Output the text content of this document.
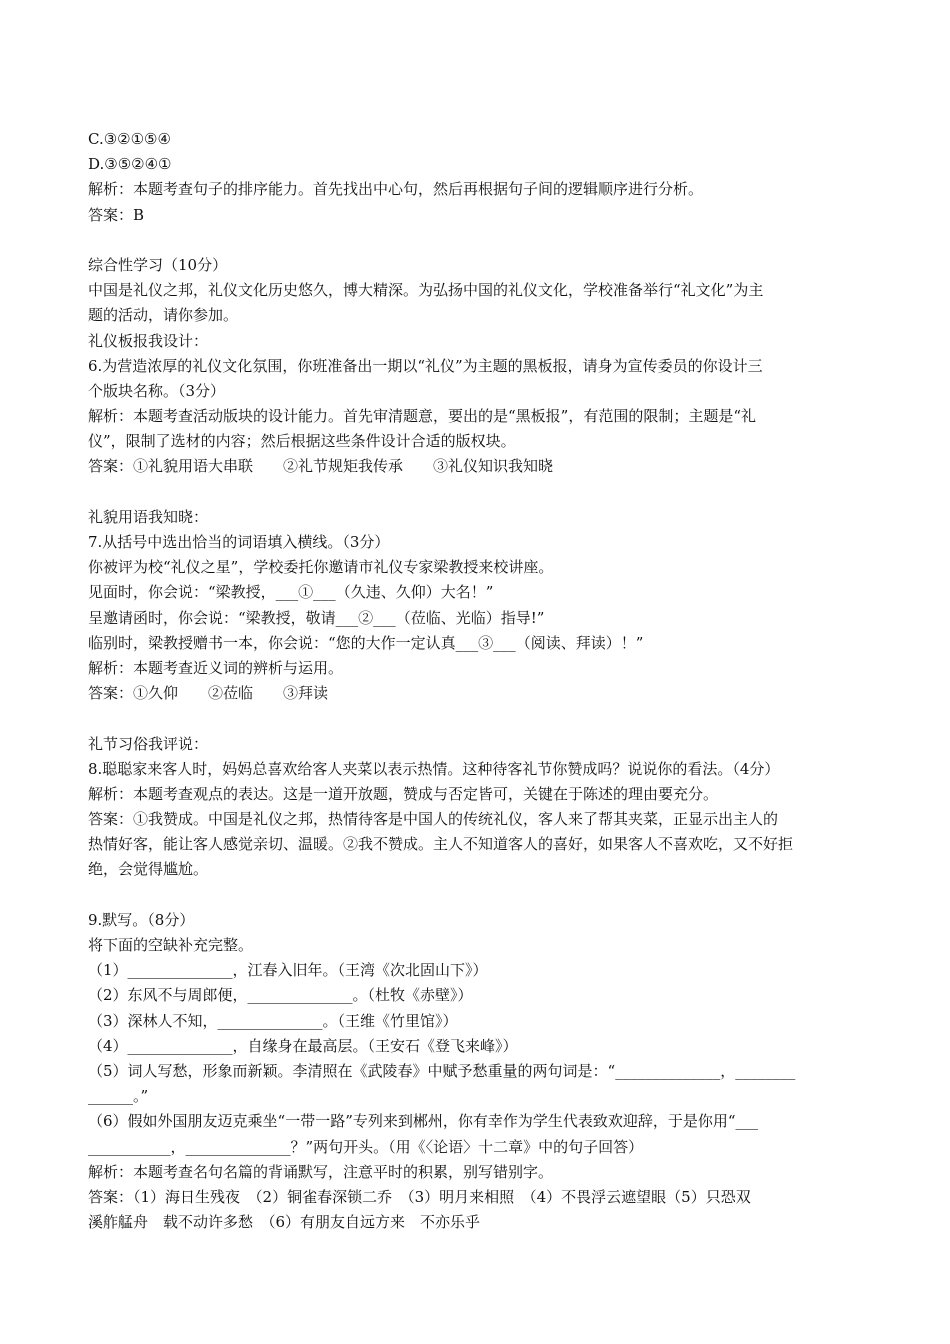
C.③②①⑤④
D.③⑤②④①
解析：本题考查句子的排序能力。首先找出中心句，然后再根据句子间的逻辑顺序进行分析。
答案：B
综合性学习（10分）
中国是礼仪之邦，礼仪文化历史悠久，博大精深。为弘扬中国的礼仪文化，学校准备举行“礼文化”为主
题的活动，请你参加。
礼仪板报我设计：
6.为营造浓厚的礼仪文化氛围，你班准备出一期以“礼仪”为主题的黑板报，请身为宣传委员的你设计三
个版块名称。（3分）
解析：本题考查活动版块的设计能力。首先审清题意，要出的是“黑板报”，有范围的限制；主题是“礼
仪”，限制了选材的内容；然后根据这些条件设计合适的版权块。
答案：①礼貌用语大串联　　②礼节规矩我传承　　③礼仪知识我知晓
礼貌用语我知晓：
7.从括号中选出恰当的词语填入横线。（3分）
你被评为校“礼仪之星”，学校委托你邀请市礼仪专家梁教授来校讲座。
见面时，你会说：“梁教授，___①___（久违、久仰）大名！”
呈邀请函时，你会说：“梁教授，敬请___②___（莅临、光临）指导!”
临别时，梁教授赠书一本，你会说：“您的大作一定认真___③___（阅读、拜读）！”
解析：本题考查近义词的辨析与运用。
答案：①久仰　　②莅临　　③拜读
礼节习俗我评说：
8.聪聪家来客人时，妈妈总喜欢给客人夹菜以表示热情。这种待客礼节你赞成吗？说说你的看法。（4分）
解析：本题考查观点的表达。这是一道开放题，赞成与否定皆可，关键在于陈述的理由要充分。
答案：①我赞成。中国是礼仪之邦，热情待客是中国人的传统礼仪，客人来了帮其夹菜，正显示出主人的
热情好客，能让客人感觉亲切、温暖。②我不赞成。主人不知道客人的喜好，如果客人不喜欢吃，又不好拒
绝，会觉得尴尬。
9.默写。（8分）
将下面的空缺补充完整。
（1）______________，江春入旧年。（王湾《次北固山下》）
（2）东风不与周郎便，______________。（杜牧《赤壁》）
（3）深林人不知，______________。（王维《竹里馆》）
（4）______________，自缘身在最高层。（王安石《登飞来峰》）
（5）词人写愁，形象而新颖。李清照在《武陵春》中赋予愁重量的两句词是：“______________，________
______。”
（6）假如外国朋友迈克乘坐“一带一路”专列来到郴州，你有幸作为学生代表致欢迎辞，于是你用“___
___________，______________？”两句开头。（用《〈论语〉十二章》中的句子回答）
解析：本题考查名句名篇的背诵默写，注意平时的积累，别写错别字。
答案：（1）海日生残夜　（2）铜雀春深锁二乔　（3）明月来相照　（4）不畏浮云遮望眼（5）只恐双
溪舴艋舟　载不动许多愁　（6）有朋友自远方来　不亦乐乎
